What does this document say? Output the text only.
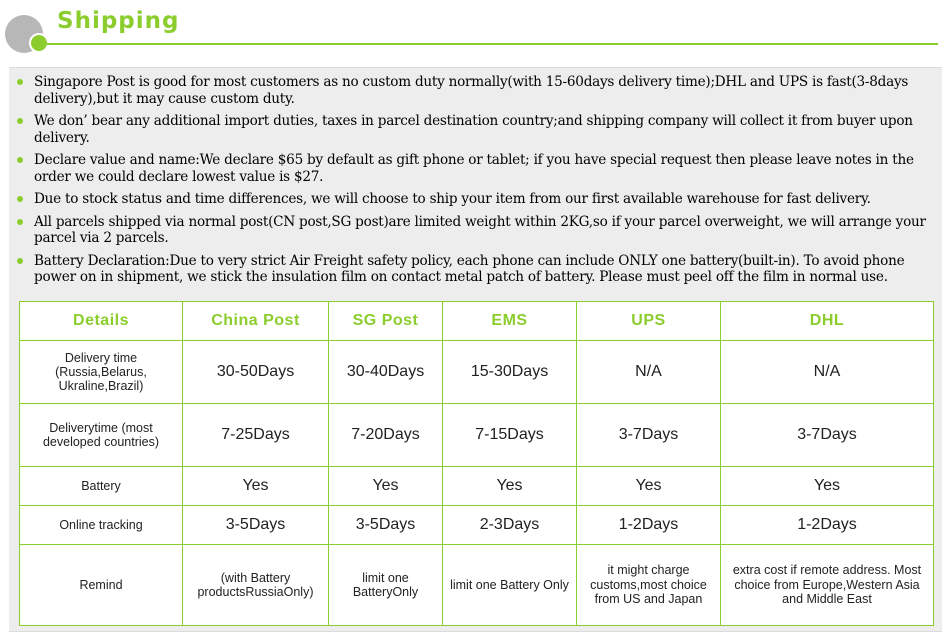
Shipping
Singapore Post is good for most customers as no custom duty normally(with 15-60days delivery time);DHL and UPS is fast(3-8days delivery),but it may cause custom duty.
We don’ bear any additional import duties, taxes in parcel destination country;and shipping company will collect it from buyer upon delivery.
Declare value and name:We declare $65 by default as gift phone or tablet; if you have special request then please leave notes in the order we could declare lowest value is $27.
Due to stock status and time differences, we will choose to ship your item from our first available warehouse for fast delivery.
All parcels shipped via normal post(CN post,SG post)are limited weight within 2KG,so if your parcel overweight, we will arrange your parcel via 2 parcels.
Battery Declaration:Due to very strict Air Freight safety policy, each phone can include ONLY one battery(built-in). To avoid phone power on in shipment, we stick the insulation film on contact metal patch of battery. Please must peel off the film in normal use.
Details	China Post	SG Post	EMS	UPS	DHL
Delivery time (Russia,Belarus, Ukraline,Brazil)	30-50Days	30-40Days	15-30Days	N/A	N/A
Deliverytime (most developed countries)	7-25Days	7-20Days	7-15Days	3-7Days	3-7Days
Battery	Yes	Yes	Yes	Yes	Yes
Online tracking	3-5Days	3-5Days	2-3Days	1-2Days	1-2Days
Remind	(with Battery productsRussiaOnly)	limit one BatteryOnly	limit one Battery Only	it might charge customs,most choice from US and Japan	extra cost if remote address. Most choice from Europe,Western Asia and Middle East
